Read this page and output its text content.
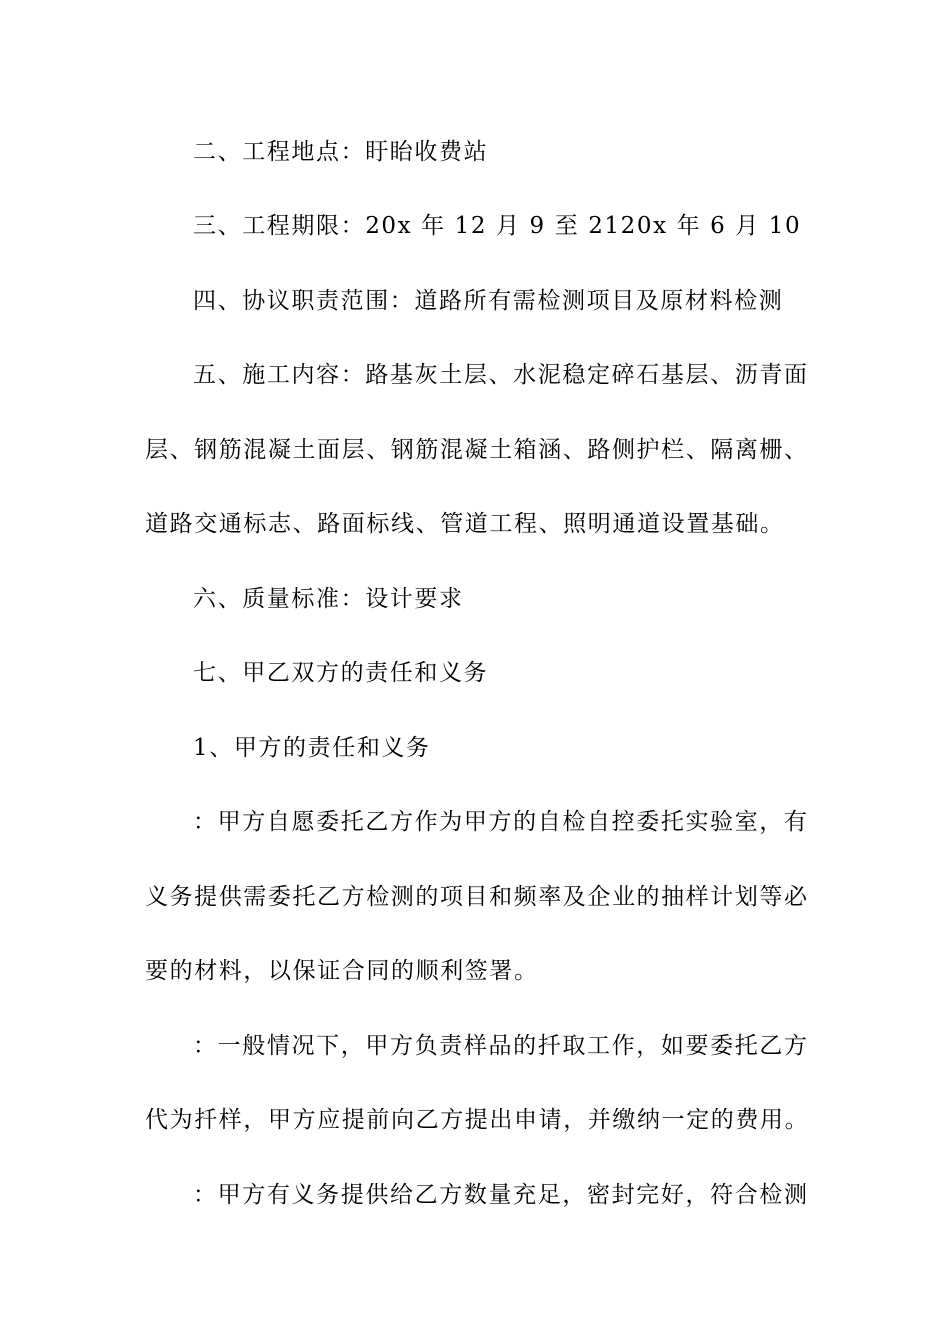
二、工程地点：盱眙收费站
三、工程期限：20x 年 12 月 9 至 2120x 年 6 月 10
四、协议职责范围：道路所有需检测项目及原材料检测
五、施工内容：路基灰土层、水泥稳定碎石基层、沥青面
层、钢筋混凝土面层、钢筋混凝土箱涵、路侧护栏、隔离栅、
道路交通标志、路面标线、管道工程、照明通道设置基础。
六、质量标准：设计要求
七、甲乙双方的责任和义务
1、甲方的责任和义务
：甲方自愿委托乙方作为甲方的自检自控委托实验室，有
义务提供需委托乙方检测的项目和频率及企业的抽样计划等必
要的材料，以保证合同的顺利签署。
：一般情况下，甲方负责样品的扦取工作，如要委托乙方
代为扦样，甲方应提前向乙方提出申请，并缴纳一定的费用。
：甲方有义务提供给乙方数量充足，密封完好，符合检测
